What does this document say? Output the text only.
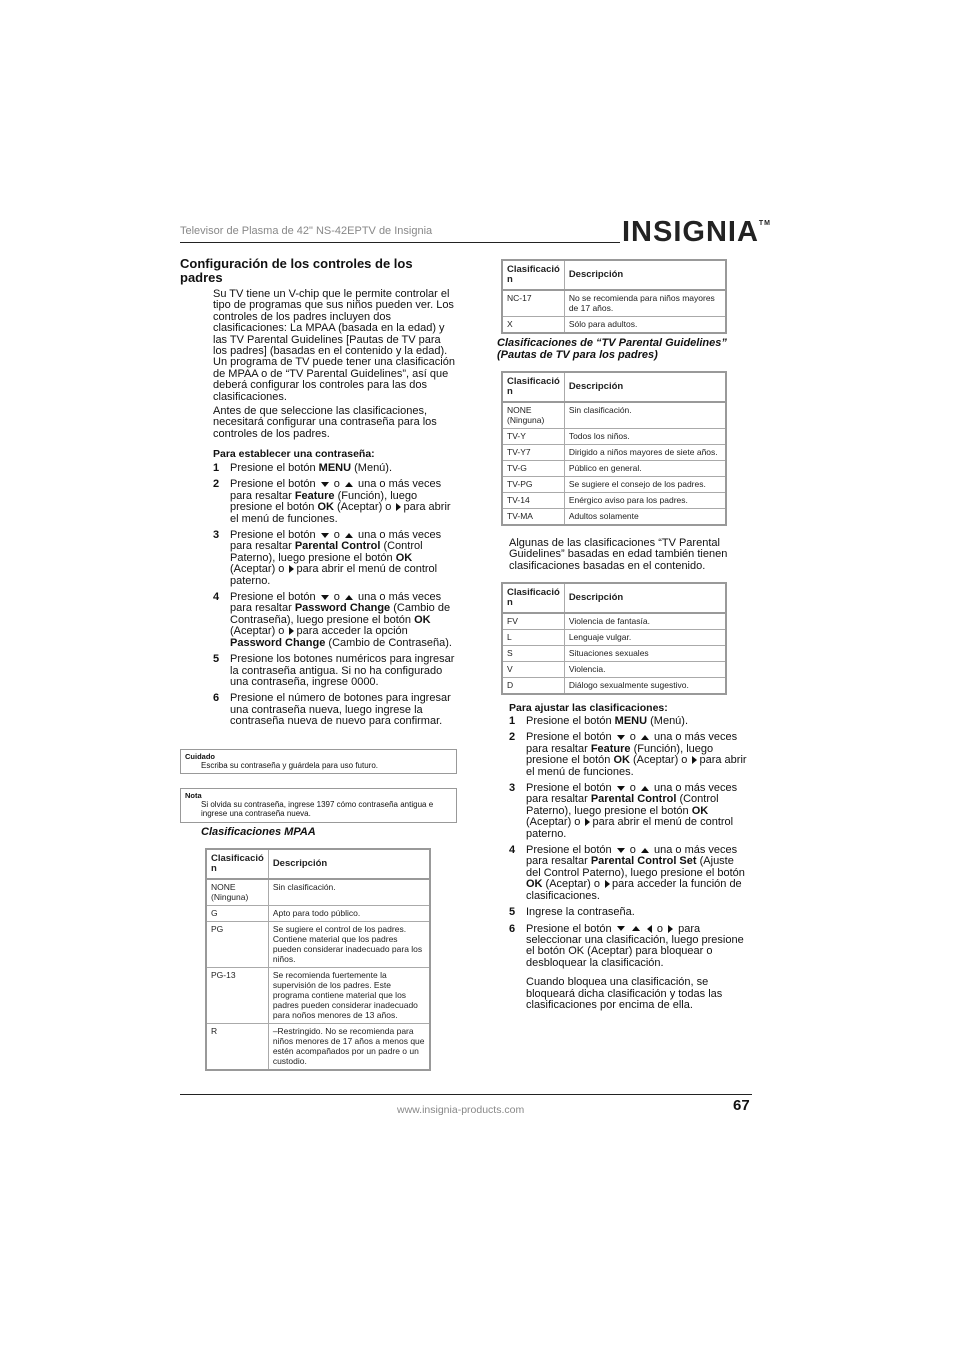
Televisor de Plasma de 42" NS-42EPTV de Insignia	INSIGNIA™
Configuración de los controles de los padres

Su TV tiene un V-chip que le permite controlar el tipo de programas que sus niños pueden ver. Los controles de los padres incluyen dos clasificaciones: La MPAA (basada en la edad) y las TV Parental Guidelines [Pautas de TV para los padres] (basadas en el contenido y la edad). Un programa de TV puede tener una clasificación de MPAA o de “TV Parental Guidelines”, así que deberá configurar los controles para las dos clasificaciones.

Antes de que seleccione las clasificaciones, necesitará configurar una contraseña para los controles de los padres.

Para establecer una contraseña:

1 Presione el botón MENU (Menú).
2 Presione el botón o una o más veces para resaltar Feature (Función), luego presione el botón OK (Aceptar) o para abrir el menú de funciones.
3 Presione el botón o una o más veces para resaltar Parental Control (Control Paterno), luego presione el botón OK (Aceptar) o para abrir el menú de control paterno.
4 Presione el botón o una o más veces para resaltar Password Change (Cambio de Contraseña), luego presione el botón OK (Aceptar) o para acceder la opción Password Change (Cambio de Contraseña).
5 Presione los botones numéricos para ingresar la contraseña antigua. Si no ha configurado una contraseña, ingrese 0000.
6 Presione el número de botones para ingresar una contraseña nueva, luego ingrese la contraseña nueva de nuevo para confirmar.
Cuidado
Escriba su contraseña y guárdela para uso futuro.
Nota
Si olvida su contraseña, ingrese 1397 cómo contraseña antigua e ingrese una contraseña nueva.
Clasificaciones MPAA
Clasificació n	Descripción
NONE (Ninguna)	Sin clasificación.
G	Apto para todo público.
PG	Se sugiere el control de los padres. Contiene material que los padres pueden considerar inadecuado para los niños.
PG-13	Se recomienda fuertemente la supervisión de los padres. Este programa contiene material que los padres pueden considerar inadecuado para noños menores de 13 años.
R	–Restringido. No se recomienda para niños menores de 17 años a menos que estén acompañados por un padre o un custodio.
Clasificació n	Descripción
NC-17	No se recomienda para niños mayores de 17 años.
X	Sólo para adultos.
Clasificaciones de “TV Parental Guidelines” (Pautas de TV para los padres)
Clasificació n	Descripción
NONE (Ninguna)	Sin clasificación.
TV-Y	Todos los niños.
TV-Y7	Dirigido a niños mayores de siete años.
TV-G	Público en general.
TV-PG	Se sugiere el consejo de los padres.
TV-14	Enérgico aviso para los padres.
TV-MA	Adultos solamente
Algunas de las clasificaciones “TV Parental Guidelines” basadas en edad también tienen clasificaciones basadas en el contenido.
Clasificació n	Descripción
FV	Violencia de fantasía.
L	Lenguaje vulgar.
S	Situaciones sexuales
V	Violencia.
D	Diálogo sexualmente sugestivo.
Para ajustar las clasificaciones:
1 Presione el botón MENU (Menú).
2 Presione el botón o una o más veces para resaltar Feature (Función), luego presione el botón OK (Aceptar) o para abrir el menú de funciones.
3 Presione el botón o una o más veces para resaltar Parental Control (Control Paterno), luego presione el botón OK (Aceptar) o para abrir el menú de control paterno.
4 Presione el botón o una o más veces para resaltar Parental Control Set (Ajuste del Control Paterno), luego presione el botón OK (Aceptar) o para acceder la función de clasificaciones.
5 Ingrese la contraseña.
6 Presione el botón	o para seleccionar una clasificación, luego presione el botón OK (Aceptar) para bloquear o desbloquear la clasificación.
Cuando bloquea una clasificación, se bloqueará dicha clasificación y todas las clasificaciones por encima de ella.
www.insignia-products.com	67
